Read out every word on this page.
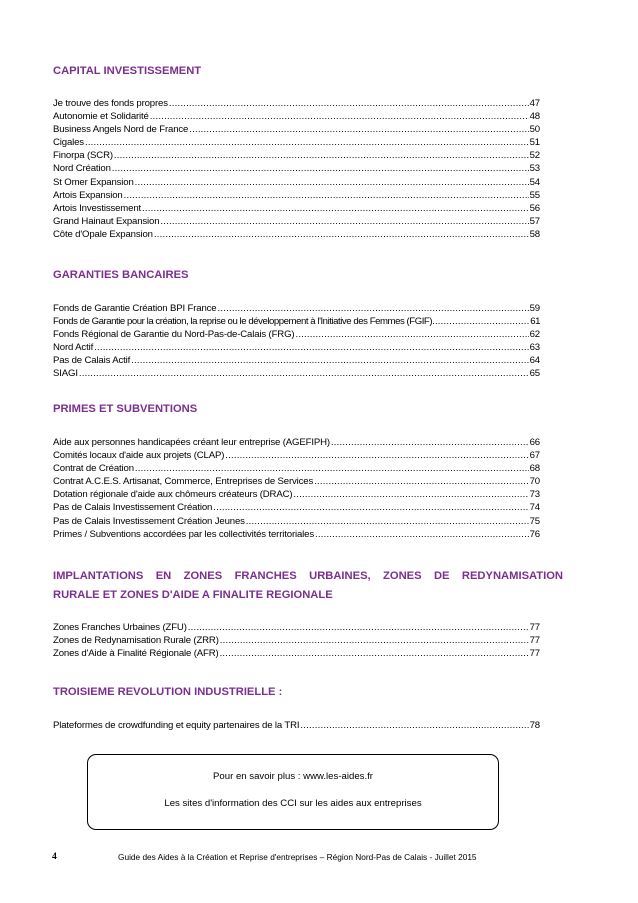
CAPITAL INVESTISSEMENT
Je trouve des fonds propres .....	47
Autonomie et Solidarité .....	48
Business Angels Nord de France .....	50
Cigales .....	51
Finorpa (SCR) .....	52
Nord Création .....	53
St Omer Expansion .....	54
Artois Expansion .....	55
Artois Investissement .....	56
Grand Hainaut Expansion .....	57
Côte d'Opale Expansion .....	58
GARANTIES BANCAIRES
Fonds de Garantie Création BPI France .....	59
Fonds de Garantie pour la création, la reprise ou le développement à l'Initiative des Femmes (FGIF) .....	61
Fonds Régional de Garantie du Nord-Pas-de-Calais (FRG) .....	62
Nord Actif .....	63
Pas de Calais Actif .....	64
SIAGI .....	65
PRIMES ET SUBVENTIONS
Aide aux personnes handicapées créant leur entreprise (AGEFIPH) .....	66
Comités locaux d'aide aux projets (CLAP) .....	67
Contrat de Création .....	68
Contrat A.C.E.S. Artisanat, Commerce, Entreprises de Services .....	70
Dotation régionale d'aide aux chômeurs créateurs (DRAC) .....	73
Pas de Calais Investissement Création .....	74
Pas de Calais Investissement Création Jeunes .....	75
Primes / Subventions accordées par les collectivités territoriales .....	76
IMPLANTATIONS EN ZONES FRANCHES URBAINES, ZONES DE REDYNAMISATION
RURALE ET ZONES D'AIDE A FINALITE REGIONALE
Zones Franches Urbaines (ZFU) .....	77
Zones de Redynamisation Rurale (ZRR) .....	77
Zones d'Aide à Finalité Régionale (AFR) .....	77
TROISIEME REVOLUTION INDUSTRIELLE :
Plateformes de crowdfunding et equity partenaires de la TRI .....	78
Pour en savoir plus : www.les-aides.fr
Les sites d'information des CCI sur les aides aux entreprises
4	Guide des Aides à la Création et Reprise d'entreprises – Région Nord-Pas de Calais - Juillet 2015
